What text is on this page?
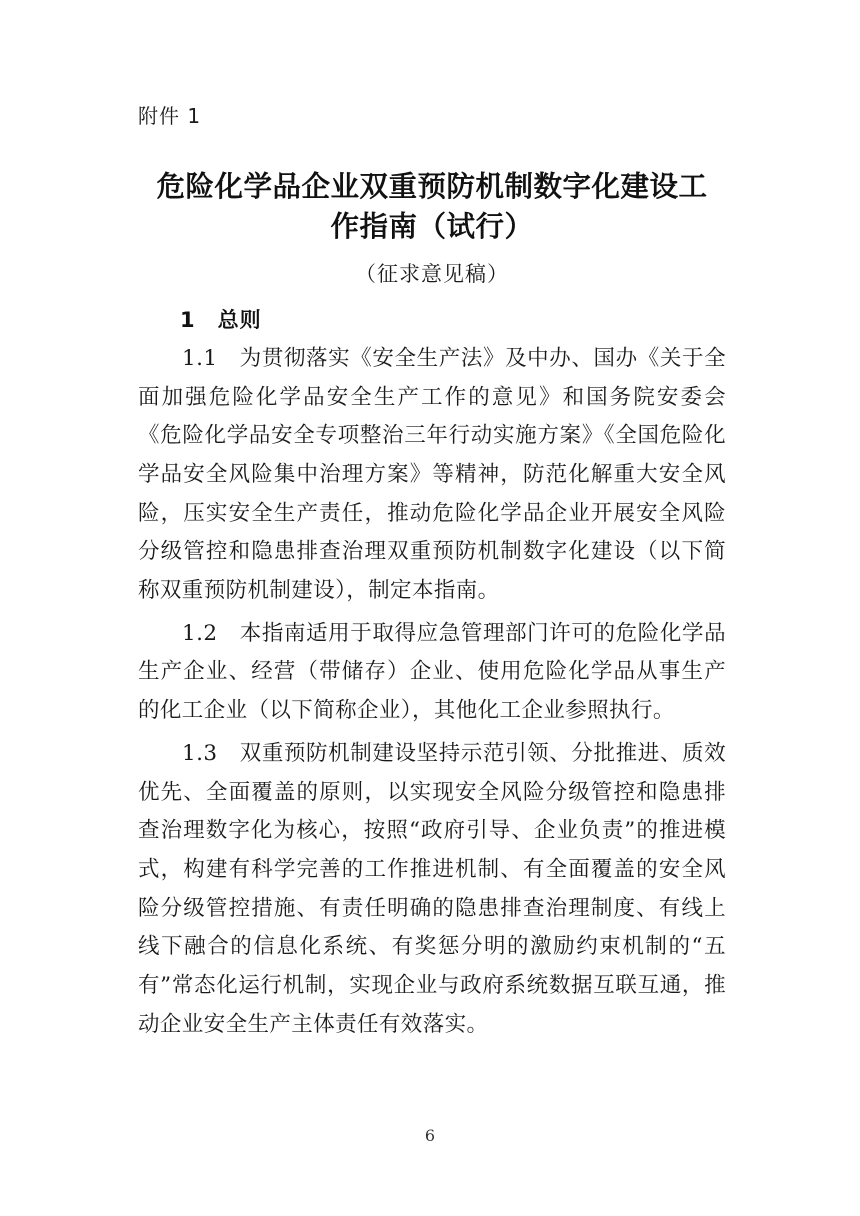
附件 1
危险化学品企业双重预防机制数字化建设工作指南（试行）
（征求意见稿）
1　总则

1.1　为贯彻落实《安全生产法》及中办、国办《关于全面加强危险化学品安全生产工作的意见》和国务院安委会《危险化学品安全专项整治三年行动实施方案》《全国危险化学品安全风险集中治理方案》等精神，防范化解重大安全风险，压实安全生产责任，推动危险化学品企业开展安全风险分级管控和隐患排查治理双重预防机制数字化建设（以下简称双重预防机制建设），制定本指南。

1.2　本指南适用于取得应急管理部门许可的危险化学品生产企业、经营（带储存）企业、使用危险化学品从事生产的化工企业（以下简称企业），其他化工企业参照执行。

1.3　双重预防机制建设坚持示范引领、分批推进、质效优先、全面覆盖的原则，以实现安全风险分级管控和隐患排查治理数字化为核心，按照“政府引导、企业负责”的推进模式，构建有科学完善的工作推进机制、有全面覆盖的安全风险分级管控措施、有责任明确的隐患排查治理制度、有线上线下融合的信息化系统、有奖惩分明的激励约束机制的“五有”常态化运行机制，实现企业与政府系统数据互联互通，推动企业安全生产主体责任有效落实。

6
